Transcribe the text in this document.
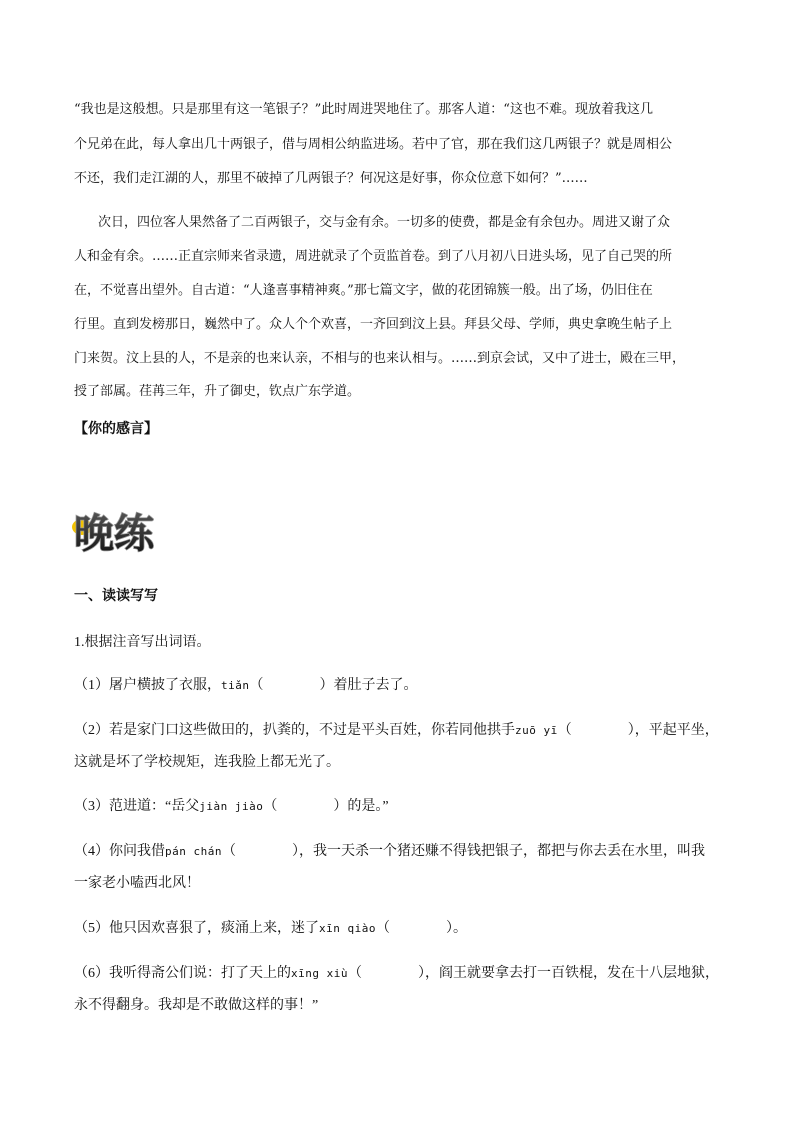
“我也是这般想。只是那里有这一笔银子？”此时周进哭地住了。那客人道：“这也不难。现放着我这几
个兄弟在此，每人拿出几十两银子，借与周相公纳监进场。若中了官，那在我们这几两银子？就是周相公
不还，我们走江湖的人，那里不破掉了几两银子？何况这是好事，你众位意下如何？”……
次日，四位客人果然备了二百两银子，交与金有余。一切多的使费，都是金有余包办。周进又谢了众
人和金有余。……正直宗师来省录遗，周进就录了个贡监首卷。到了八月初八日进头场，见了自己哭的所
在，不觉喜出望外。自古道：“人逢喜事精神爽。”那七篇文字，做的花团锦簇一般。出了场，仍旧住在
行里。直到发榜那日，巍然中了。众人个个欢喜，一齐回到汶上县。拜县父母、学师，典史拿晚生帖子上
门来贺。汶上县的人，不是亲的也来认亲，不相与的也来认相与。……到京会试，又中了进士，殿在三甲，
授了部属。荏苒三年，升了御史，钦点广东学道。
【你的感言】
晚练
一、读读写写
1.根据注音写出词语。
（1）屠户横披了衣服，tiǎn（　　　　）着肚子去了。
（2）若是家门口这些做田的，扒粪的，不过是平头百姓，你若同他拱手zuō yī（　　　　），平起平坐，
这就是坏了学校规矩，连我脸上都无光了。
（3）范进道：“岳父jiàn jiào（　　　　）的是。”
（4）你问我借pán chán（　　　　），我一天杀一个猪还赚不得钱把银子，都把与你去丢在水里，叫我
一家老小嗑西北风！
（5）他只因欢喜狠了，痰涌上来，迷了xīn qiào（　　　　）。
（6）我听得斋公们说：打了天上的xīng xiù（　　　　），阎王就要拿去打一百铁棍，发在十八层地狱，
永不得翻身。我却是不敢做这样的事！”
